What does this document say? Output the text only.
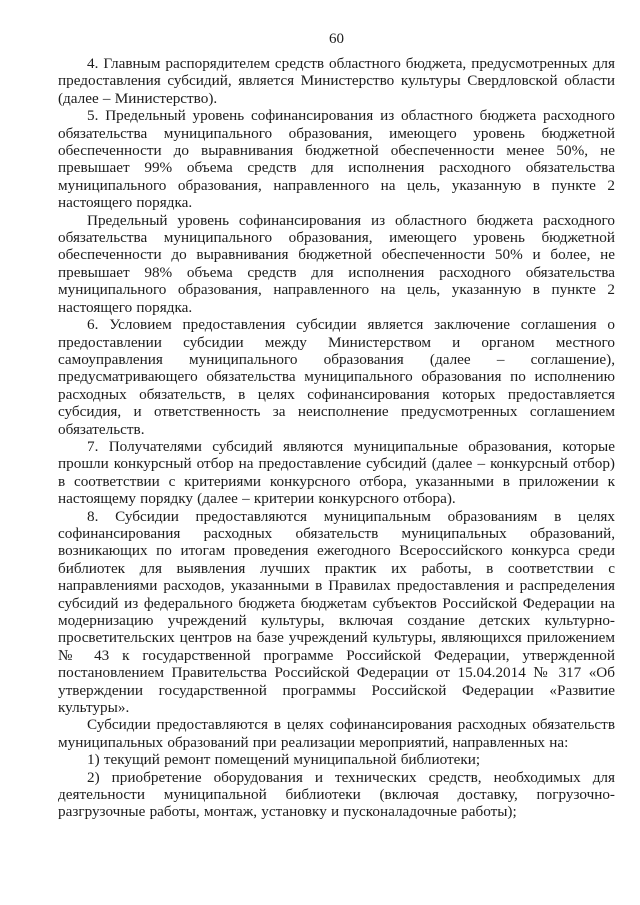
60

4. Главным распорядителем средств областного бюджета, предусмотренных для предоставления субсидий, является Министерство культуры Свердловской области (далее – Министерство).

5. Предельный уровень софинансирования из областного бюджета расходного обязательства муниципального образования, имеющего уровень бюджетной обеспеченности до выравнивания бюджетной обеспеченности менее 50%, не превышает 99% объема средств для исполнения расходного обязательства муниципального образования, направленного на цель, указанную в пункте 2 настоящего порядка.

Предельный уровень софинансирования из областного бюджета расходного обязательства муниципального образования, имеющего уровень бюджетной обеспеченности до выравнивания бюджетной обеспеченности 50% и более, не превышает 98% объема средств для исполнения расходного обязательства муниципального образования, направленного на цель, указанную в пункте 2 настоящего порядка.

6. Условием предоставления субсидии является заключение соглашения о предоставлении субсидии между Министерством и органом местного самоуправления муниципального образования (далее – соглашение), предусматривающего обязательства муниципального образования по исполнению расходных обязательств, в целях софинансирования которых предоставляется субсидия, и ответственность за неисполнение предусмотренных соглашением обязательств.

7. Получателями субсидий являются муниципальные образования, которые прошли конкурсный отбор на предоставление субсидий (далее – конкурсный отбор) в соответствии с критериями конкурсного отбора, указанными в приложении к настоящему порядку (далее – критерии конкурсного отбора).

8. Субсидии предоставляются муниципальным образованиям в целях софинансирования расходных обязательств муниципальных образований, возникающих по итогам проведения ежегодного Всероссийского конкурса среди библиотек для выявления лучших практик их работы, в соответствии с направлениями расходов, указанными в Правилах предоставления и распределения субсидий из федерального бюджета бюджетам субъектов Российской Федерации на модернизацию учреждений культуры, включая создание детских культурно-просветительских центров на базе учреждений культуры, являющихся приложением № 43 к государственной программе Российской Федерации, утвержденной постановлением Правительства Российской Федерации от 15.04.2014 № 317 «Об утверждении государственной программы Российской Федерации «Развитие культуры».

Субсидии предоставляются в целях софинансирования расходных обязательств муниципальных образований при реализации мероприятий, направленных на:

1) текущий ремонт помещений муниципальной библиотеки;

2) приобретение оборудования и технических средств, необходимых для деятельности муниципальной библиотеки (включая доставку, погрузочно-разгрузочные работы, монтаж, установку и пусконаладочные работы);
